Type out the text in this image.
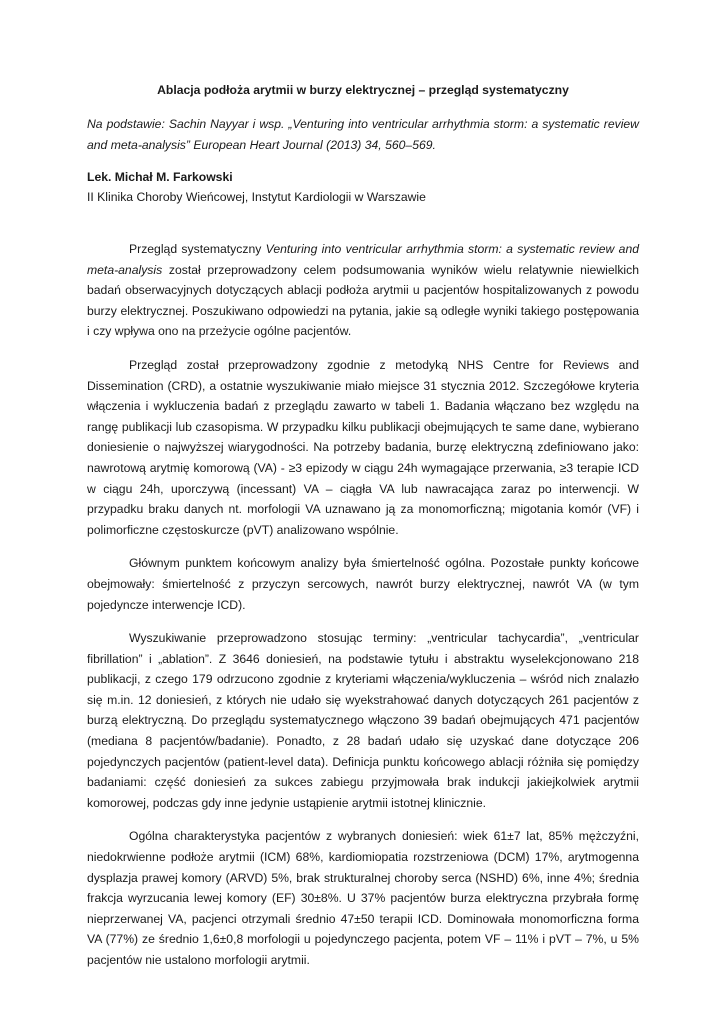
Ablacja podłoża arytmii w burzy elektrycznej – przegląd systematyczny

Na podstawie: Sachin Nayyar i wsp. „Venturing into ventricular arrhythmia storm: a systematic review and meta-analysis” European Heart Journal (2013) 34, 560–569.

Lek. Michał M. Farkowski

II Klinika Choroby Wieńcowej, Instytut Kardiologii w Warszawie

Przegląd systematyczny Venturing into ventricular arrhythmia storm: a systematic review and meta-analysis został przeprowadzony celem podsumowania wyników wielu relatywnie niewielkich badań obserwacyjnych dotyczących ablacji podłoża arytmii u pacjentów hospitalizowanych z powodu burzy elektrycznej. Poszukiwano odpowiedzi na pytania, jakie są odległe wyniki takiego postępowania i czy wpływa ono na przeżycie ogólne pacjentów.

Przegląd został przeprowadzony zgodnie z metodyką NHS Centre for Reviews and Dissemination (CRD), a ostatnie wyszukiwanie miało miejsce 31 stycznia 2012. Szczegółowe kryteria włączenia i wykluczenia badań z przeglądu zawarto w tabeli 1. Badania włączano bez względu na rangę publikacji lub czasopisma. W przypadku kilku publikacji obejmujących te same dane, wybierano doniesienie o najwyższej wiarygodności. Na potrzeby badania, burzę elektryczną zdefiniowano jako: nawrotową arytmię komorową (VA) - ≥3 epizody w ciągu 24h wymagające przerwania, ≥3 terapie ICD w ciągu 24h, uporczywą (incessant) VA – ciągła VA lub nawracająca zaraz po interwencji. W przypadku braku danych nt. morfologii VA uznawano ją za monomorficzną; migotania komór (VF) i polimorficzne częstoskurcze (pVT) analizowano wspólnie.

Głównym punktem końcowym analizy była śmiertelność ogólna. Pozostałe punkty końcowe obejmowały: śmiertelność z przyczyn sercowych, nawrót burzy elektrycznej, nawrót VA (w tym pojedyncze interwencje ICD).

Wyszukiwanie przeprowadzono stosując terminy: „ventricular tachycardia”, „ventricular fibrillation” i „ablation”. Z 3646 doniesień, na podstawie tytułu i abstraktu wyselekcjonowano 218 publikacji, z czego 179 odrzucono zgodnie z kryteriami włączenia/wykluczenia – wśród nich znalazło się m.in. 12 doniesień, z których nie udało się wyekstrahować danych dotyczących 261 pacjentów z burzą elektryczną. Do przeglądu systematycznego włączono 39 badań obejmujących 471 pacjentów (mediana 8 pacjentów/badanie). Ponadto, z 28 badań udało się uzyskać dane dotyczące 206 pojedynczych pacjentów (patient-level data). Definicja punktu końcowego ablacji różniła się pomiędzy badaniami: część doniesień za sukces zabiegu przyjmowała brak indukcji jakiejkolwiek arytmii komorowej, podczas gdy inne jedynie ustąpienie arytmii istotnej klinicznie.

Ogólna charakterystyka pacjentów z wybranych doniesień: wiek 61±7 lat, 85% mężczyźni, niedokrwienne podłoże arytmii (ICM) 68%, kardiomiopatia rozstrzeniowa (DCM) 17%, arytmogenna dysplazja prawej komory (ARVD) 5%, brak strukturalnej choroby serca (NSHD) 6%, inne 4%; średnia frakcja wyrzucania lewej komory (EF) 30±8%. U 37% pacjentów burza elektryczna przybrała formę nieprzerwanej VA, pacjenci otrzymali średnio 47±50 terapii ICD. Dominowała monomorficzna forma VA (77%) ze średnio 1,6±0,8 morfologii u pojedynczego pacjenta, potem VF – 11% i pVT – 7%, u 5% pacjentów nie ustalono morfologii arytmii.
